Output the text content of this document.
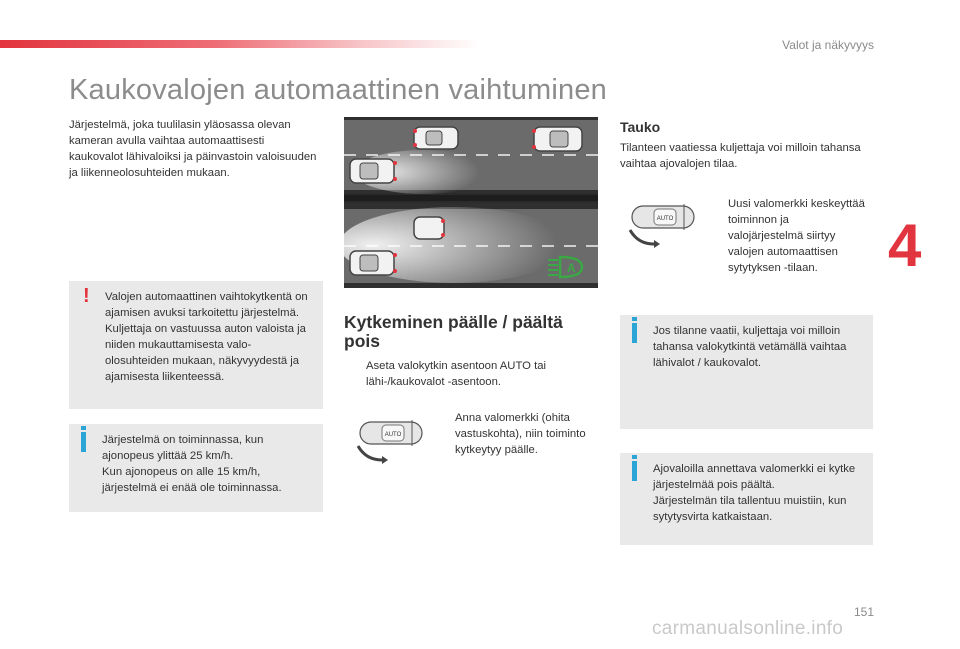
Valot ja näkyvyys
4
Kaukovalojen automaattinen vaihtuminen

Järjestelmä, joka tuulilasin yläosassa olevan kameran avulla vaihtaa automaattisesti kaukovalot lähivaloiksi ja päinvastoin valoisuuden ja liikenneolosuhteiden mukaan.

! Valojen automaattinen vaihtokytkentä on ajamisen avuksi tarkoitettu järjestelmä.
Kuljettaja on vastuussa auton valoista ja niiden mukauttamisesta valo-olosuhteiden mukaan, näkyvyydestä ja ajamisesta liikenteessä.

Järjestelmä on toiminnassa, kun ajonopeus ylittää 25 km/h.
Kun ajonopeus on alle 15 km/h, järjestelmä ei enää ole toiminnassa.

A
Kytkeminen päälle / päältä pois

Aseta valokytkin asentoon AUTO tai lähi-/kaukovalot -asentoon.

AUTO

Anna valomerkki (ohita vastuskohta), niin toiminto kytkeytyy päälle.

Tauko

Tilanteen vaatiessa kuljettaja voi milloin tahansa vaihtaa ajovalojen tilaa.

AUTO

Uusi valomerkki keskeyttää toiminnon ja valojärjestelmä siirtyy valojen automaattisen sytytyksen -tilaan.

Jos tilanne vaatii, kuljettaja voi milloin tahansa valokytkintä vetämällä vaihtaa lähivalot / kaukovalot.

Ajovaloilla annettava valomerkki ei kytke järjestelmää pois päältä.
Järjestelmän tila tallentuu muistiin, kun sytytysvirta katkaistaan.

151
carmanualsonline.info
